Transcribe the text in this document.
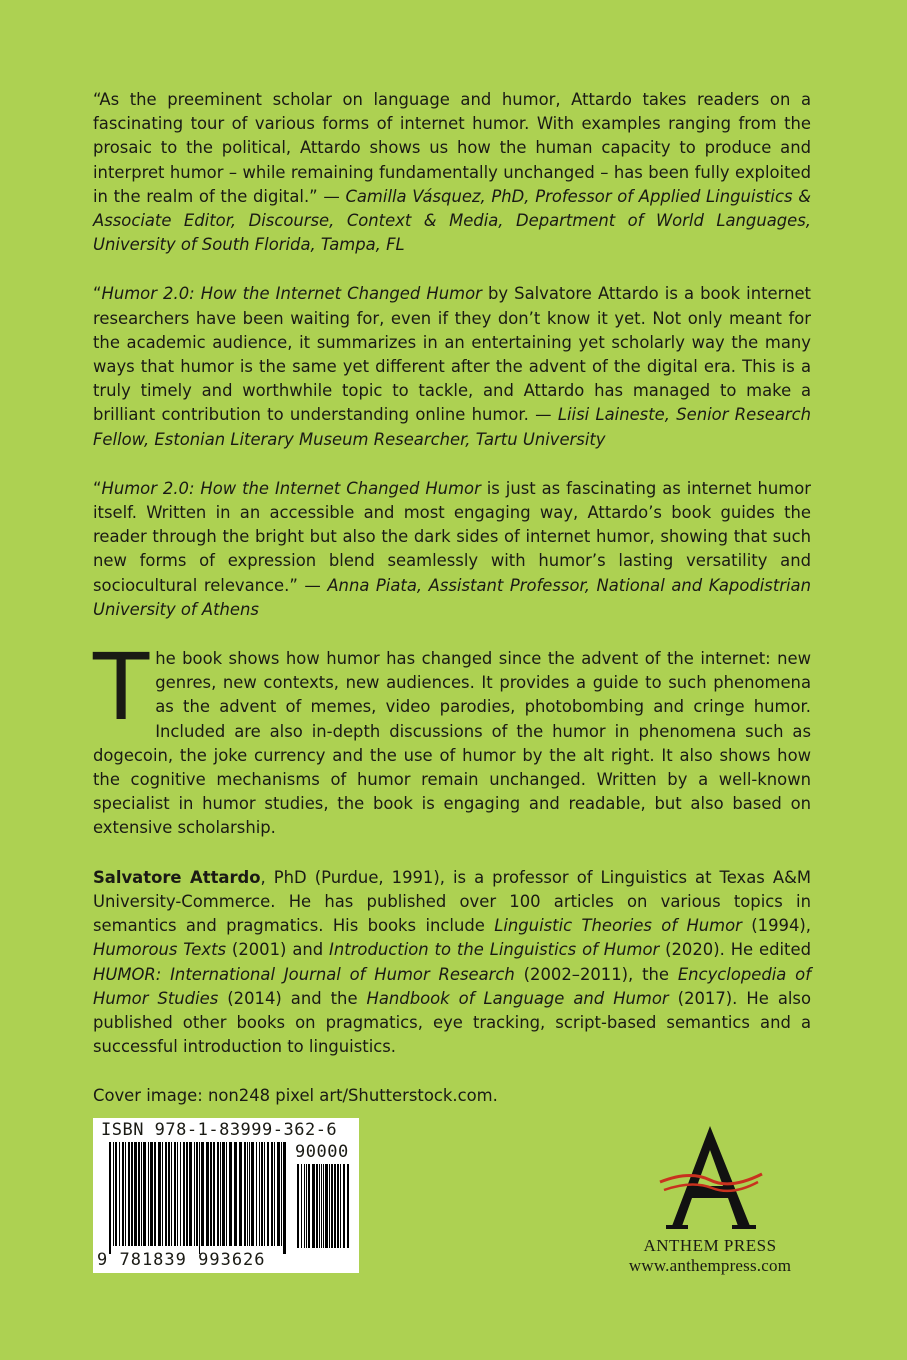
“As the preeminent scholar on language and humor, Attardo takes readers on a fascinating tour of various forms of internet humor. With examples ranging from the prosaic to the political, Attardo shows us how the human capacity to produce and interpret humor – while remaining fundamentally unchanged – has been fully exploited in the realm of the digital.” — Camilla Vásquez, PhD, Professor of Applied Linguistics & Associate Editor, Discourse, Context & Media, Department of World Languages, University of South Florida, Tampa, FL

“Humor 2.0: How the Internet Changed Humor by Salvatore Attardo is a book internet researchers have been waiting for, even if they don’t know it yet. Not only meant for the academic audience, it summarizes in an entertaining yet scholarly way the many ways that humor is the same yet different after the advent of the digital era. This is a truly timely and worthwhile topic to tackle, and Attardo has managed to make a brilliant contribution to understanding online humor. — Liisi Laineste, Senior Research Fellow, Estonian Literary Museum Researcher, Tartu University

“Humor 2.0: How the Internet Changed Humor is just as fascinating as internet humor itself. Written in an accessible and most engaging way, Attardo’s book guides the reader through the bright but also the dark sides of internet humor, showing that such new forms of expression blend seamlessly with humor’s lasting versatility and sociocultural relevance.” — Anna Piata, Assistant Professor, National and Kapodistrian University of Athens

The book shows how humor has changed since the advent of the internet: new genres, new contexts, new audiences. It provides a guide to such phenomena as the advent of memes, video parodies, photobombing and cringe humor. Included are also in-depth discussions of the humor in phenomena such as dogecoin, the joke currency and the use of humor by the alt right. It also shows how the cognitive mechanisms of humor remain unchanged. Written by a well-known specialist in humor studies, the book is engaging and readable, but also based on extensive scholarship.

Salvatore Attardo, PhD (Purdue, 1991), is a professor of Linguistics at Texas A&M University-Commerce. He has published over 100 articles on various topics in semantics and pragmatics. His books include Linguistic Theories of Humor (1994), Humorous Texts (2001) and Introduction to the Linguistics of Humor (2020). He edited HUMOR: International Journal of Humor Research (2002–2011), the Encyclopedia of Humor Studies (2014) and the Handbook of Language and Humor (2017). He also published other books on pragmatics, eye tracking, script-based semantics and a successful introduction to linguistics.

Cover image: non248 pixel art/Shutterstock.com.

ISBN 978-1-83999-362-6
90000
9 781839 993626
ANTHEM PRESS
www.anthempress.com
